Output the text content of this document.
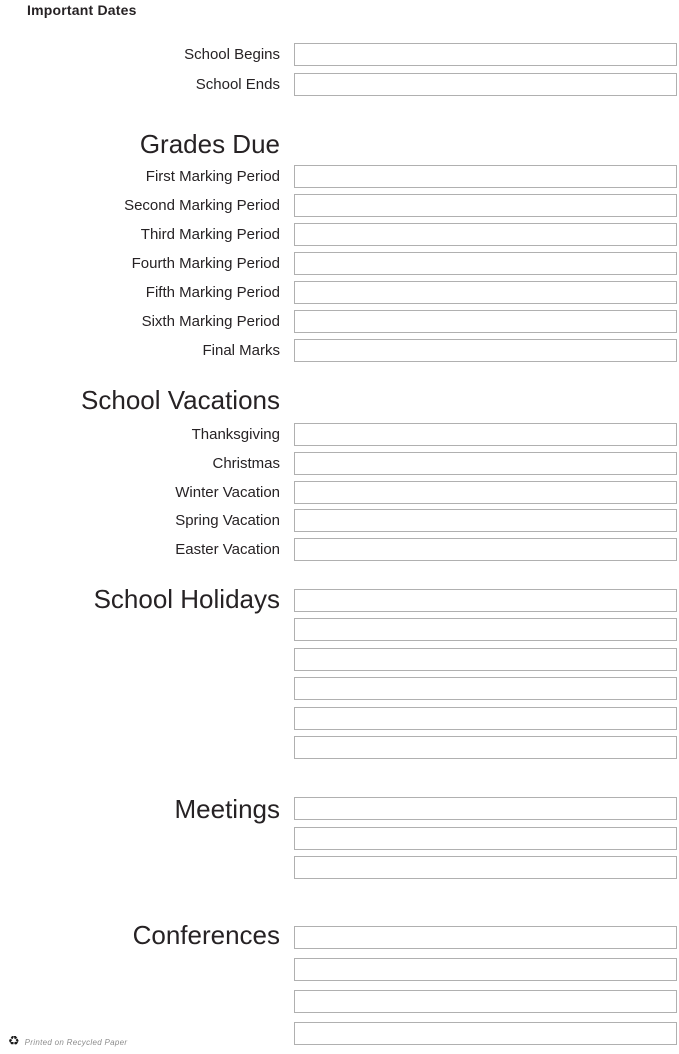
Important Dates
School Begins
School Ends
Grades Due
First Marking Period
Second Marking Period
Third Marking Period
Fourth Marking Period
Fifth Marking Period
Sixth Marking Period
Final Marks
School Vacations
Thanksgiving
Christmas
Winter Vacation
Spring Vacation
Easter Vacation
School Holidays
Meetings
Conferences
♻ Printed on Recycled Paper
